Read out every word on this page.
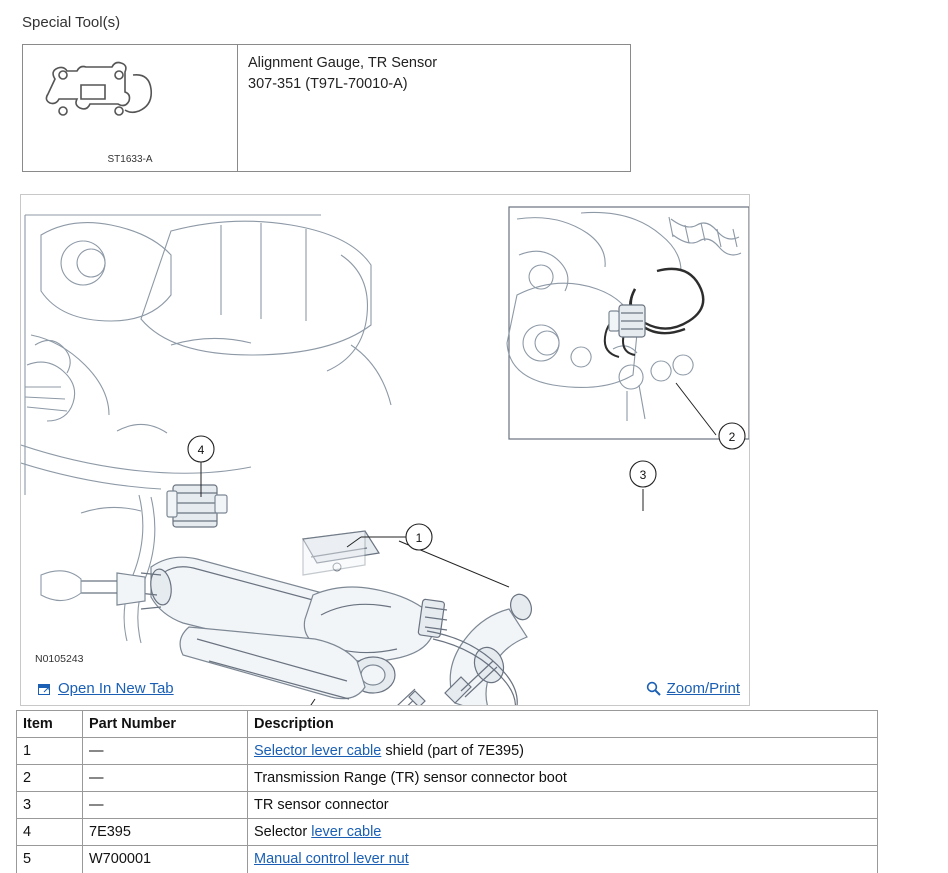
Special Tool(s)
ST1633-A
Alignment Gauge, TR Sensor
307-351 (T97L-70010-A)
4
1
2
3
N0105243
Open In New Tab	Zoom/Print
Item	Part Number	Description
1	—	Selector lever cable shield (part of 7E395)
2	—	Transmission Range (TR) sensor connector boot
3	—	TR sensor connector
4	7E395	Selector lever cable
5	W700001	Manual control lever nut
